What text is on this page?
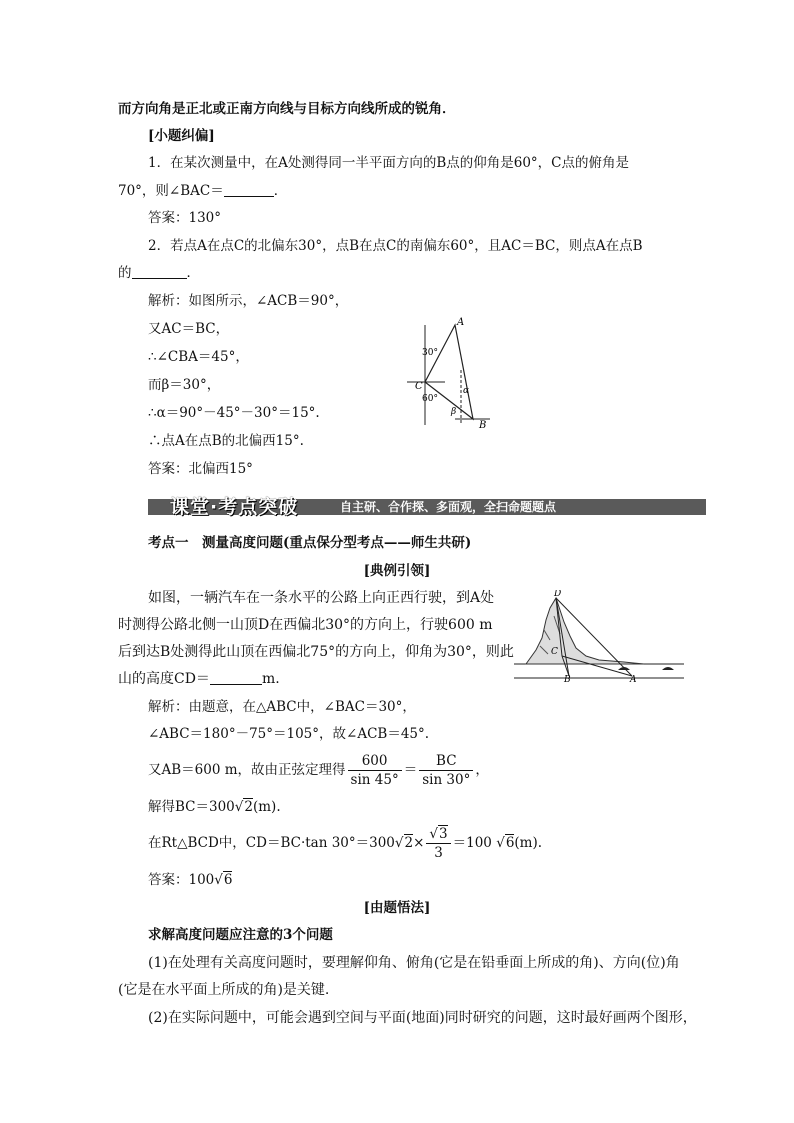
而方向角是正北或正南方向线与目标方向线所成的锐角．
[小题纠偏]
1．在某次测量中，在A处测得同一半平面方向的B点的仰角是60°，C点的俯角是
70°，则∠BAC＝	．
答案：130°
2．若点A在点C的北偏东30°，点B在点C的南偏东60°，且AC＝BC，则点A在点B
的	．
解析：如图所示，∠ACB＝90°，
又AC＝BC，
∴∠CBA＝45°，
而β＝30°，
∴α＝90°－45°－30°＝15°.
∴点A在点B的北偏西15°.
答案：北偏西15°
A
C
B
30°
60°
α
β
课堂·考点突破	自主研、合作探、多面观，全扫命题题点
考点一　测量高度问题(重点保分型考点——师生共研)
[典例引领]
如图，一辆汽车在一条水平的公路上向正西行驶，到A处
时测得公路北侧一山顶D在西偏北30°的方向上，行驶600 m
后到达B处测得此山顶在西偏北75°的方向上，仰角为30°，则此
山的高度CD＝	m.
D
C
B	A
解析：由题意，在△ABC中，∠BAC＝30°，
∠ABC＝180°－75°＝105°，故∠ACB＝45°.
又AB＝600 m，故由正弦定理得 $\frac{600}{\sin 45^\circ} = \frac{BC}{\sin 30^\circ}$ ，
解得BC＝300√2(m).
在Rt△BCD中，CD＝BC·tan $30^\circ=300√2\times \frac{√3}{3} =100$ √6(m).
答案：100√6
[由题悟法]
求解高度问题应注意的3个问题
(1)在处理有关高度问题时，要理解仰角、俯角(它是在铅垂面上所成的角)、方向(位)角
(它是在水平面上所成的角)是关键.
(2)在实际问题中，可能会遇到空间与平面(地面)同时研究的问题，这时最好画两个图形，
